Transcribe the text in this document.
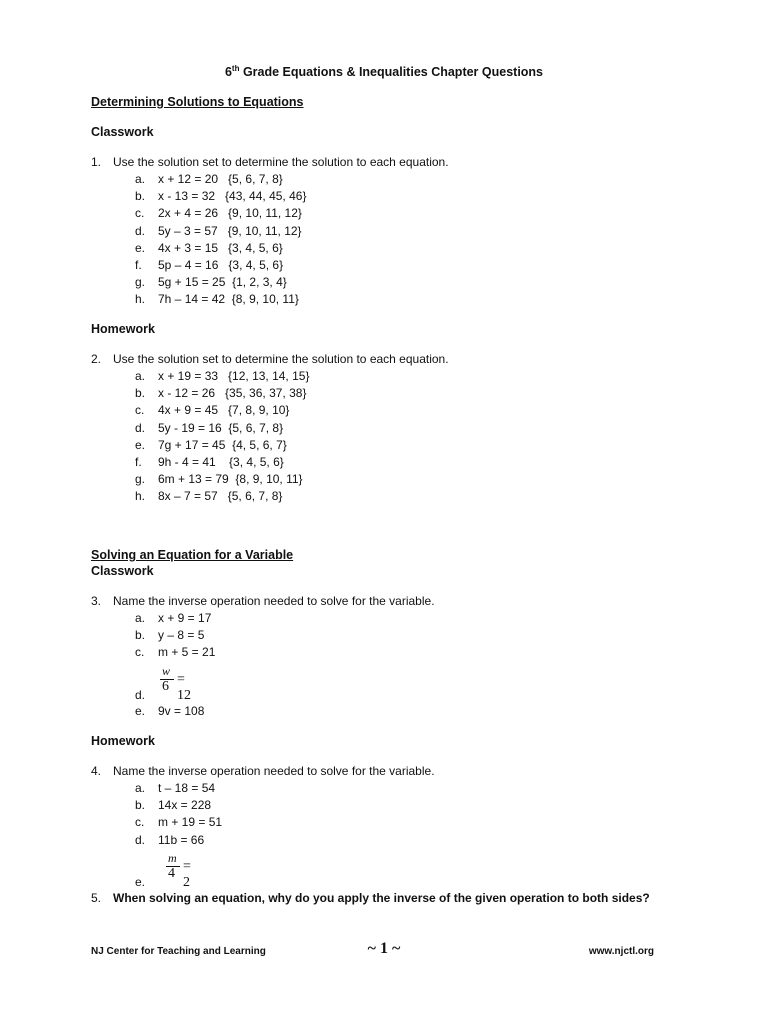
6th Grade Equations & Inequalities Chapter Questions
Determining Solutions to Equations
Classwork
1. Use the solution set to determine the solution to each equation.
a. x + 12 = 20   {5, 6, 7, 8}
b. x - 13 = 32   {43, 44, 45, 46}
c. 2x + 4 = 26   {9, 10, 11, 12}
d. 5y – 3 = 57   {9, 10, 11, 12}
e. 4x + 3 = 15   {3, 4, 5, 6}
f. 5p – 4 = 16   {3, 4, 5, 6}
g. 5g + 15 = 25  {1, 2, 3, 4}
h. 7h – 14 = 42  {8, 9, 10, 11}
Homework
2. Use the solution set to determine the solution to each equation.
a. x + 19 = 33   {12, 13, 14, 15}
b. x - 12 = 26   {35, 36, 37, 38}
c. 4x + 9 = 45   {7, 8, 9, 10}
d. 5y - 19 = 16  {5, 6, 7, 8}
e. 7g + 17 = 45  {4, 5, 6, 7}
f. 9h - 4 = 41    {3, 4, 5, 6}
g. 6m + 13 = 79  {8, 9, 10, 11}
h. 8x – 7 = 57   {5, 6, 7, 8}
Solving an Equation for a Variable
Classwork
3. Name the inverse operation needed to solve for the variable.
a. x + 9 = 17
b. y – 8 = 5
c. m + 5 = 21
d.
w
6 = 12
e. 9v = 108
Homework
4. Name the inverse operation needed to solve for the variable.
a. t – 18 = 54
b. 14x = 228
c. m + 19 = 51
d. 11b = 66
m
4 = 2
e.
5. When solving an equation, why do you apply the inverse of the given operation to both sides?
NJ Center for Teaching and Learning	~ 1 ~	www.njctl.org
